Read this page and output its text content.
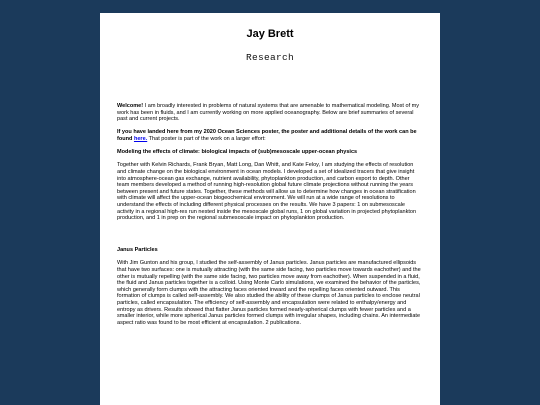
Jay Brett
Research

Welcome! I am broadly interested in problems of natural systems that are amenable to mathematical modeling. Most of my work has been in fluids, and I am currently working on more applied oceanography. Below are brief summaries of several past and current projects.

If you have landed here from my 2020 Ocean Sciences poster, the poster and additional details of the work can be found here. That poster is part of the work on a larger effort:

Modeling the effects of climate: biological impacts of (sub)mesoscale upper-ocean physics

Together with Kelvin Richards, Frank Bryan, Matt Long, Dan Whitt, and Kate Feloy, I am studying the effects of resolution and climate change on the biological environment in ocean models. I developed a set of idealized tracers that give insight into atmosphere-ocean gas exchange, nutrient availability, phytoplankton production, and carbon export to depth. Other team members developed a method of running high-resolution global future climate projections without running the years between present and future states. Together, these methods will allow us to determine how changes in ocean stratification with climate will affect the upper-ocean biogeochemical environment. We will run at a wide range of resolutions to understand the effects of including different physical processes on the results. We have 3 papers: 1 on submesoscale activity in a regional high-res run nested inside the mesoscale global runs, 1 on global variation in projected phytoplankton production, and 1 in prep on the regional submesoscale impact on phytoplankton production.

Janus Particles

With Jim Gunton and his group, I studied the self-assembly of Janus particles. Janus particles are manufactured ellipsoids that have two surfaces: one is mutually attracting (with the same side facing, two particles move towards eachother) and the other is mutually repelling (with the same side facing, two particles move away from eachother). When suspended in a fluid, the fluid and Janus particles together is a colloid. Using Monte Carlo simulations, we examined the behavior of the particles, which generally form clumps with the attracting faces oriented inward and the repelling faces oriented outward. This formation of clumps is called self-assembly. We also studied the ability of these clumps of Janus particles to enclose neutral particles, called encapsulation. The efficiency of self-assembly and encapsulation were related to enthalpy/energy and entropy as drivers. Results showed that flatter Janus particles formed nearly-spherical clumps with fewer particles and a smaller interior, while more spherical Janus particles formed clumps with irregular shapes, including chains. An intermediate aspect ratio was found to be most efficient at encapsulation. 2 publications.
